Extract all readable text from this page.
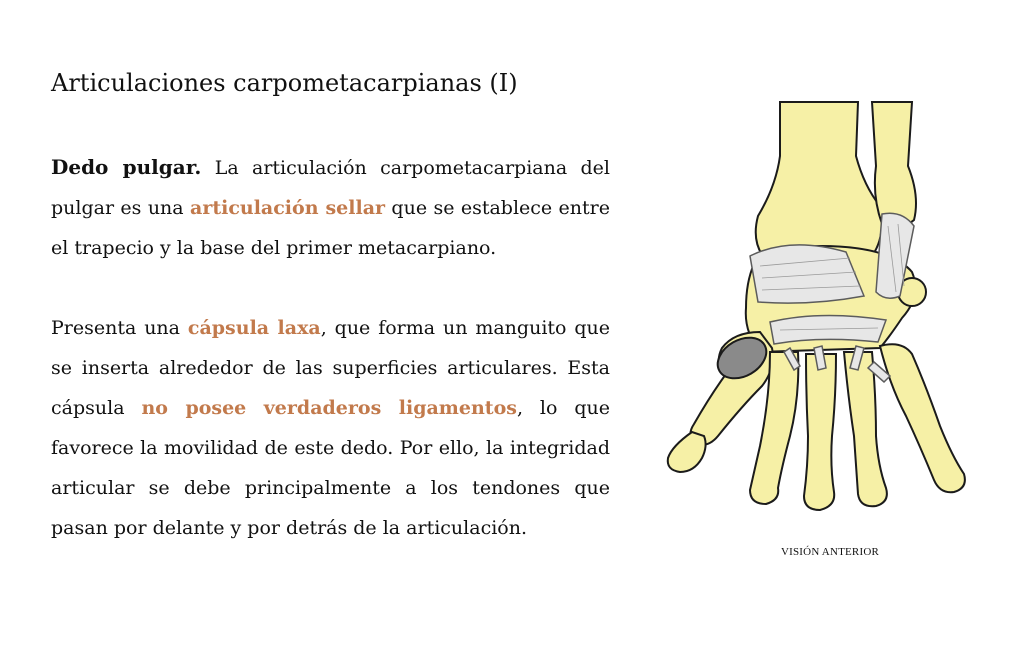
Articulaciones carpometacarpianas (I)

Dedo pulgar. La articulación carpometacarpiana del pulgar es una articulación sellar que se establece entre el trapecio y la base del primer metacarpiano.

Presenta una cápsula laxa, que forma un manguito que se inserta alrededor de las superficies articulares. Esta cápsula no posee verdaderos ligamentos, lo que favorece la movilidad de este dedo. Por ello, la integridad articular se debe principalmente a los tendones que pasan por delante y por detrás de la articulación.

VISIÓN ANTERIOR
